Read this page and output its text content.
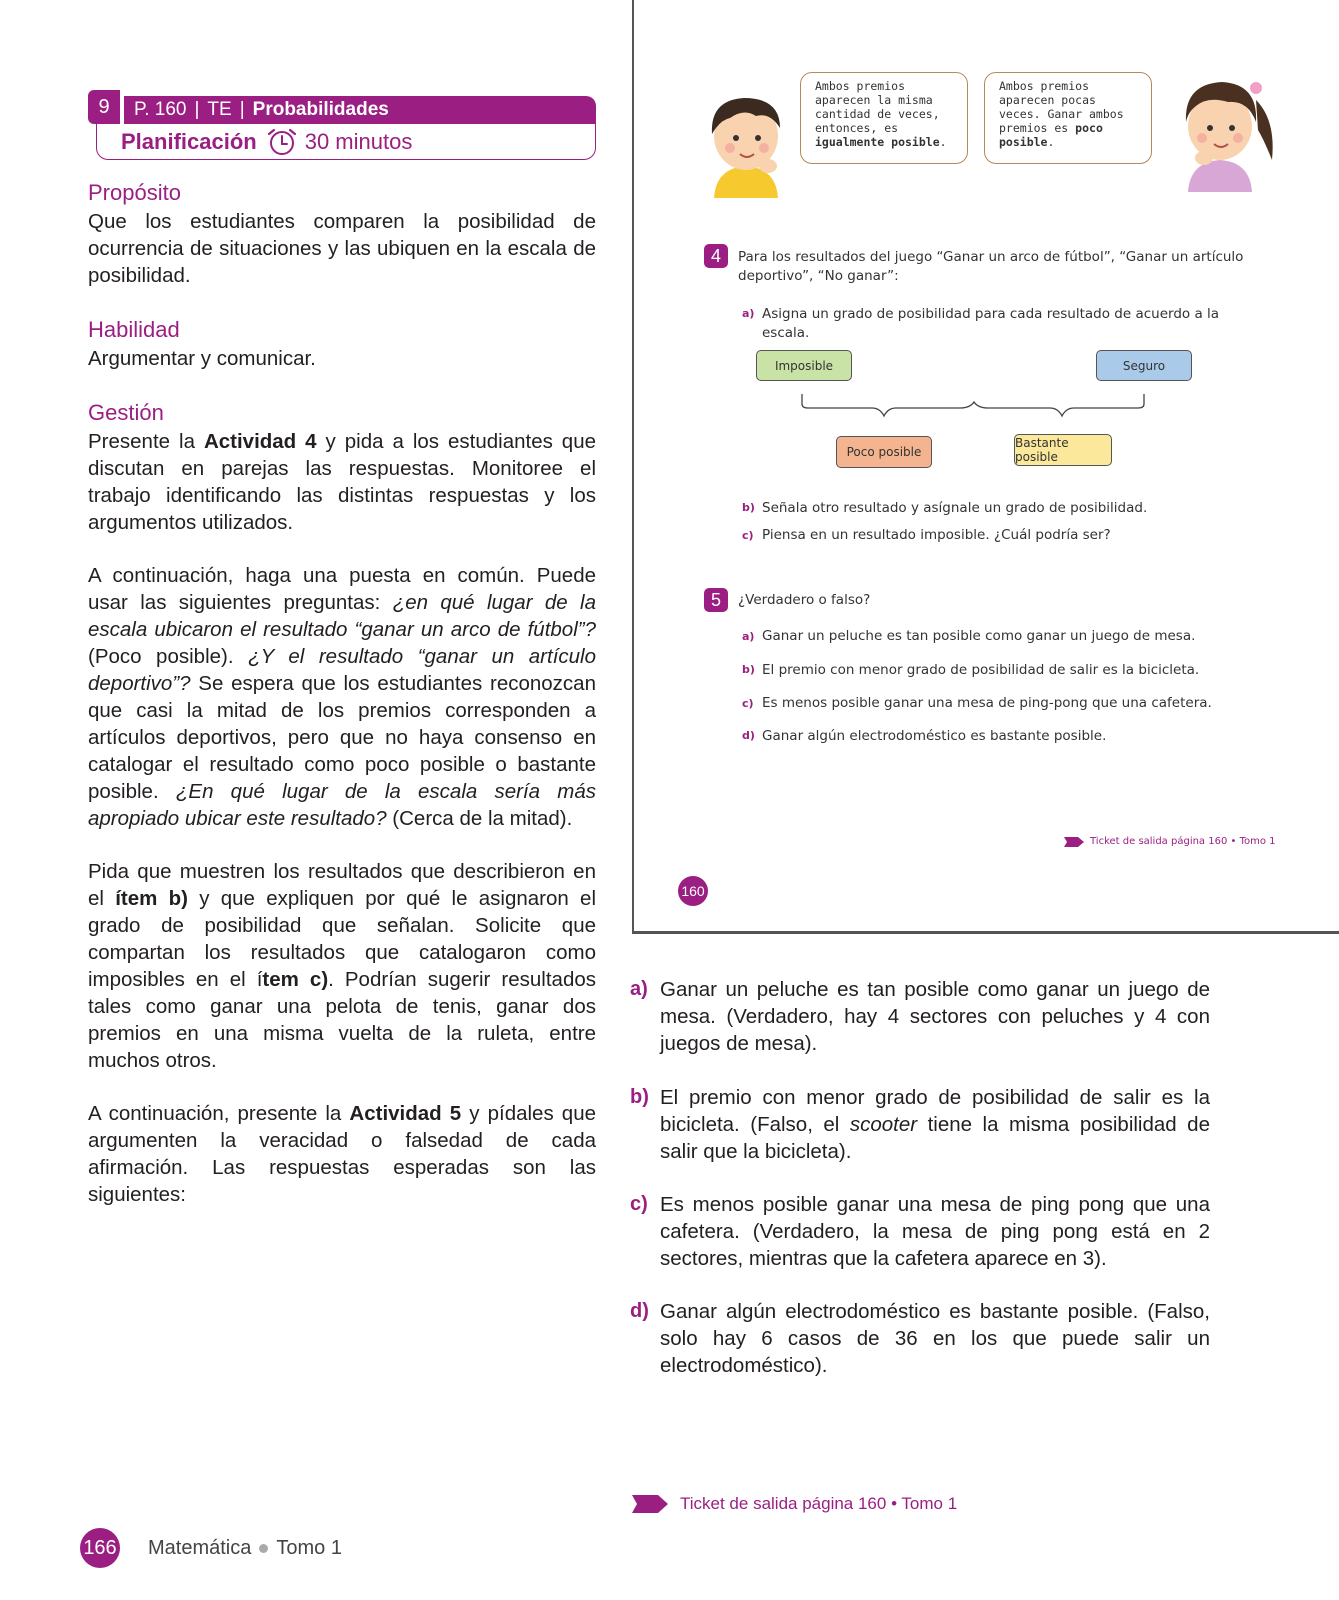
9	P. 160 | TE | Probabilidades
Planificación 30 minutos
Propósito
Que los estudiantes comparen la posibilidad de ocurrencia de situaciones y las ubiquen en la escala de posibilidad.
Habilidad
Argumentar y comunicar.
Gestión
Presente la Actividad 4 y pida a los estudiantes que discutan en parejas las respuestas. Monitoree el trabajo identificando las distintas respuestas y los argumentos utilizados.
A continuación, haga una puesta en común. Puede usar las siguientes preguntas: ¿en qué lugar de la escala ubicaron el resultado “ganar un arco de fútbol”? (Poco posible). ¿Y el resultado “ganar un artículo deportivo”? Se espera que los estudiantes reconozcan que casi la mitad de los premios corresponden a artículos deportivos, pero que no haya consenso en catalogar el resultado como poco posible o bastante posible. ¿En qué lugar de la escala sería más apropiado ubicar este resultado? (Cerca de la mitad).
Pida que muestren los resultados que describieron en el ítem b) y que expliquen por qué le asignaron el grado de posibilidad que señalan. Solicite que compartan los resultados que catalogaron como imposibles en el ítem c). Podrían sugerir resultados tales como ganar una pelota de tenis, ganar dos premios en una misma vuelta de la ruleta, entre muchos otros.
A continuación, presente la Actividad 5 y pídales que argumenten la veracidad o falsedad de cada afirmación. Las respuestas esperadas son las siguientes:
Ambos premios aparecen la misma cantidad de veces, entonces, es igualmente posible.
Ambos premios aparecen pocas veces. Ganar ambos premios es poco posible.
4	Para los resultados del juego “Ganar un arco de fútbol”, “Ganar un artículo deportivo”, “No ganar”:
a) Asigna un grado de posibilidad para cada resultado de acuerdo a la escala.
Imposible	Seguro
Poco posible
Bastante posible
b) Señala otro resultado y asígnale un grado de posibilidad.
c) Piensa en un resultado imposible. ¿Cuál podría ser?
5	¿Verdadero o falso?
a) Ganar un peluche es tan posible como ganar un juego de mesa.
b) El premio con menor grado de posibilidad de salir es la bicicleta.
c) Es menos posible ganar una mesa de ping-pong que una cafetera.
d) Ganar algún electrodoméstico es bastante posible.
Ticket de salida página 160 • Tomo 1
160
a) Ganar un peluche es tan posible como ganar un juego de mesa. (Verdadero, hay 4 sectores con peluches y 4 con juegos de mesa).
b) El premio con menor grado de posibilidad de salir es la bicicleta. (Falso, el scooter tiene la misma posibilidad de salir que la bicicleta).
c) Es menos posible ganar una mesa de ping pong que una cafetera. (Verdadero, la mesa de ping pong está en 2 sectores, mientras que la cafetera aparece en 3).
d) Ganar algún electrodoméstico es bastante posible. (Falso, solo hay 6 casos de 36 en los que puede salir un electrodoméstico).
Ticket de salida página 160 • Tomo 1
166 Matemática Tomo 1
